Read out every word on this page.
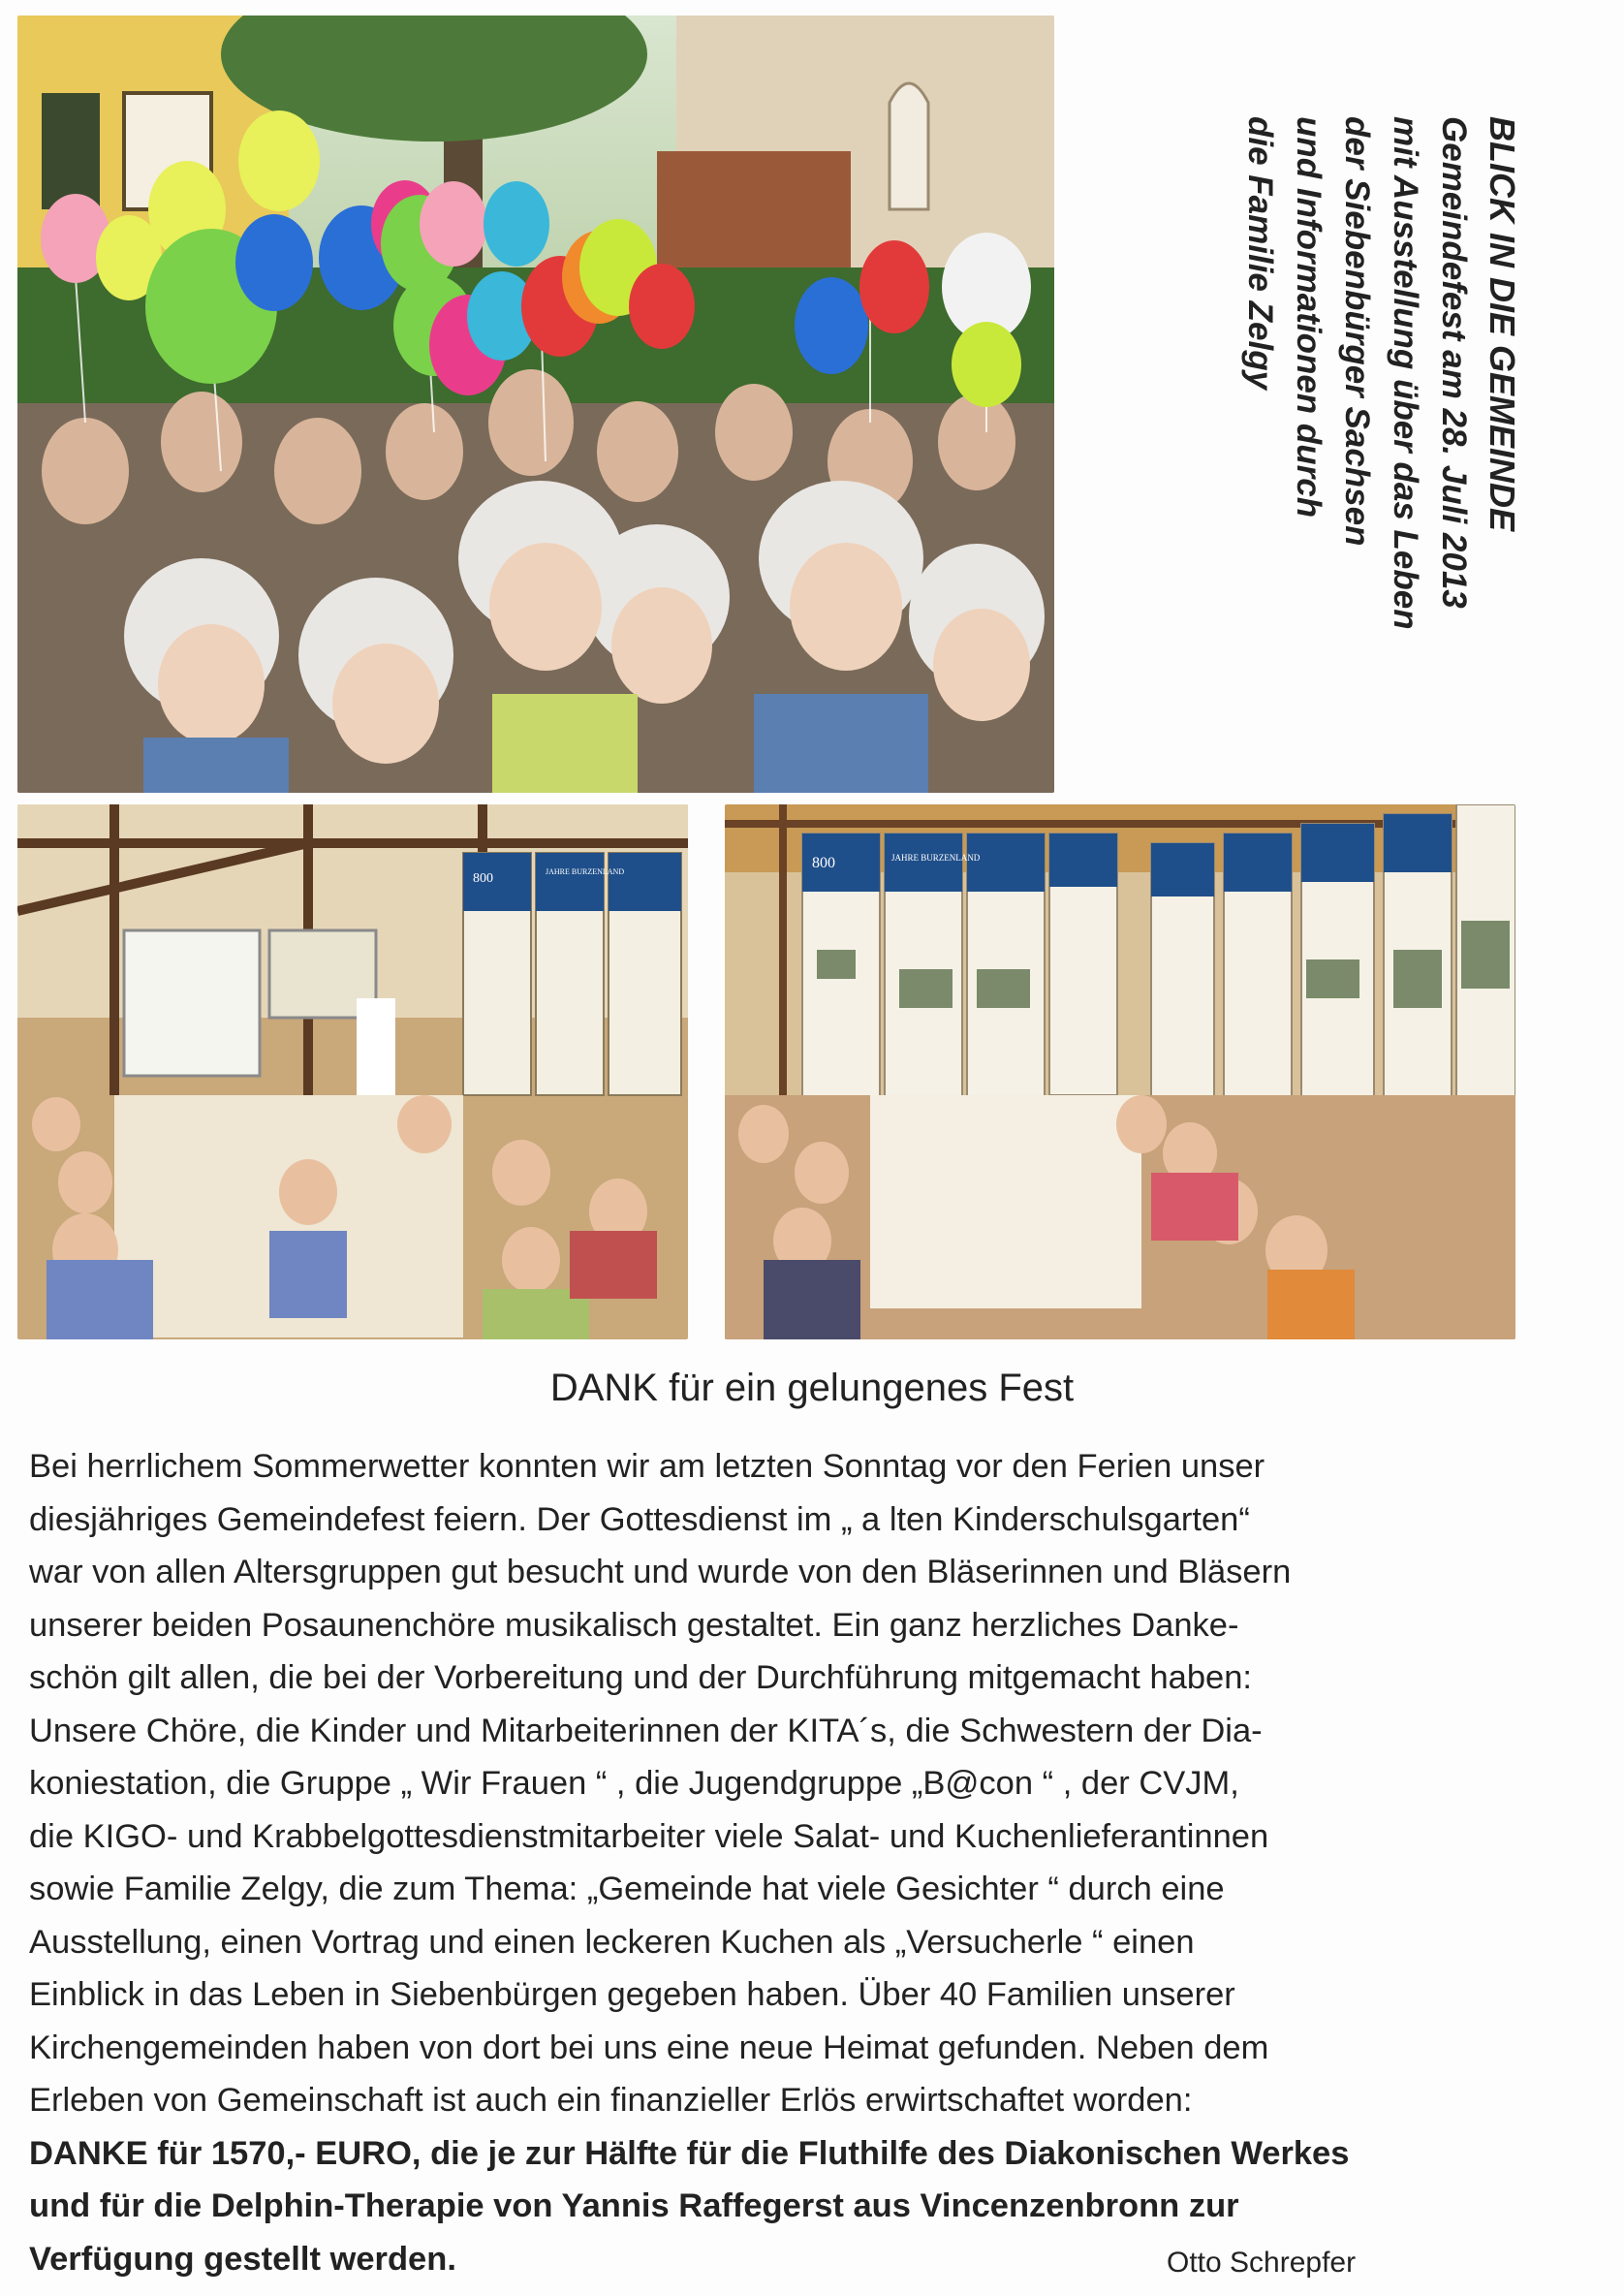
BLICK IN DIE GEMEINDE
Gemeindefest am 28. Juli 2013
mit Ausstellung über das Leben
der Siebenbürger Sachsen
und Informationen durch
die Familie Zelgy
800	JAHRE BURZENLAND
800	JAHRE BURZENLAND
DANK für ein gelungenes Fest
Bei herrlichem Sommerwetter konnten wir am letzten Sonntag vor den Ferien unser
diesjähriges Gemeindefest feiern. Der Gottesdienst im „ a lten Kinderschulsgarten“
war von allen Altersgruppen gut besucht und wurde von den Bläserinnen und Bläsern
unserer beiden Posaunenchöre musikalisch gestaltet. Ein ganz herzliches Danke-
schön gilt allen, die bei der Vorbereitung und der Durchführung mitgemacht haben:
Unsere Chöre, die Kinder und Mitarbeiterinnen der KITA´s, die Schwestern der Dia-
koniestation, die Gruppe „ Wir Frauen “ , die Jugendgruppe „B@con “ , der CVJM,
die KIGO- und Krabbelgottesdienstmitarbeiter viele Salat- und Kuchenlieferantinnen
sowie Familie Zelgy, die zum Thema: „Gemeinde hat viele Gesichter “ durch eine
Ausstellung, einen Vortrag und einen leckeren Kuchen als „Versucherle “ einen
Einblick in das Leben in Siebenbürgen gegeben haben. Über 40 Familien unserer
Kirchengemeinden haben von dort bei uns eine neue Heimat gefunden. Neben dem
Erleben von Gemeinschaft ist auch ein finanzieller Erlös erwirtschaftet worden:
DANKE für 1570,- EURO, die je zur Hälfte für die Fluthilfe des Diakonischen Werkes
und für die Delphin-Therapie von Yannis Raffegerst aus Vincenzenbronn zur
Verfügung gestellt werden.	Otto Schrepfer
